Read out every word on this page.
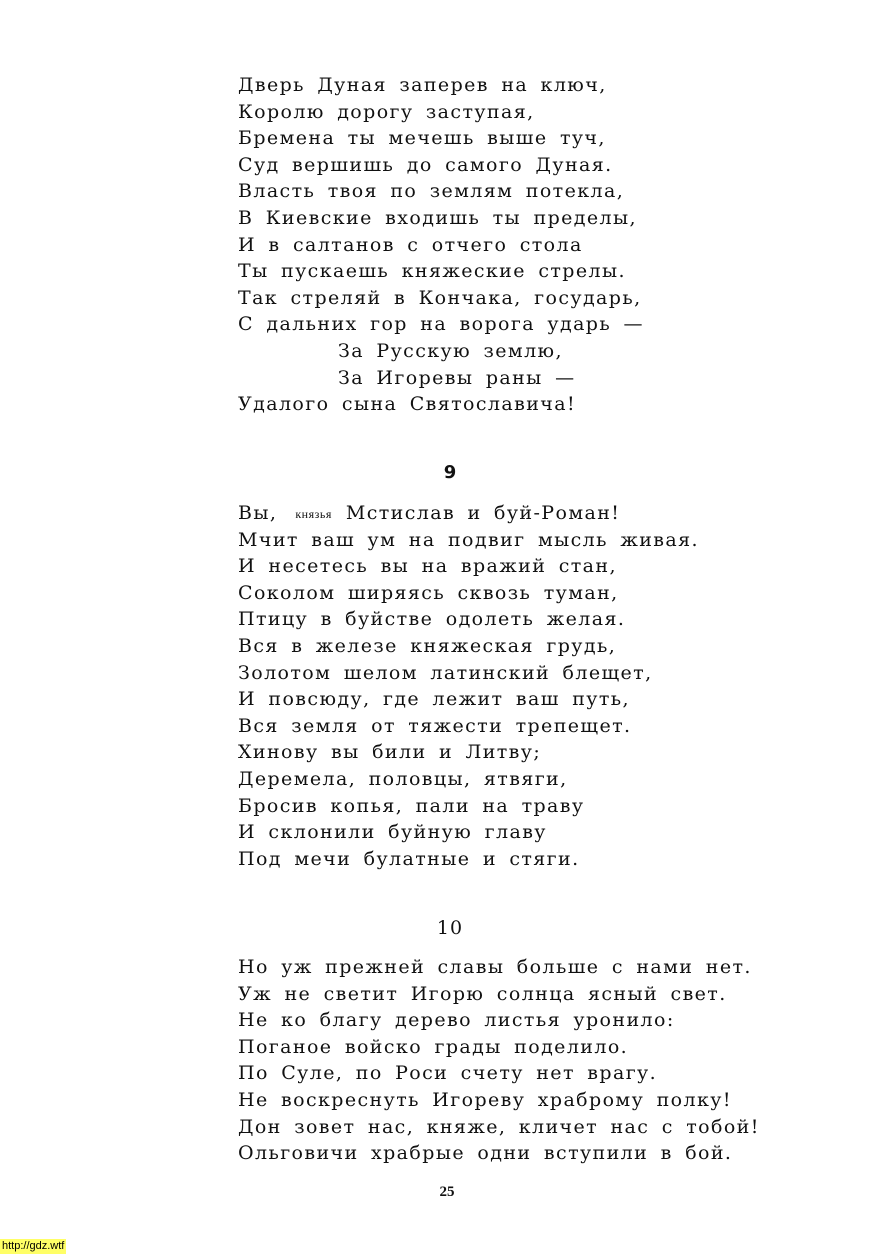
Дверь Дуная заперев на ключ,
Королю дорогу заступая,
Бремена ты мечешь выше туч,
Суд вершишь до самого Дуная.
Власть твоя по землям потекла,
В Киевские входишь ты пределы,
И в салтанов с отчего стола
Ты пускаешь княжеские стрелы.
Так стреляй в Кончака, государь,
С дальних гор на ворога ударь —
За Русскую землю,
За Игоревы раны —
Удалого сына Святославича!
9
Вы, князья Мстислав и буй-Роман!
Мчит ваш ум на подвиг мысль живая.
И несетесь вы на вражий стан,
Соколом ширяясь сквозь туман,
Птицу в буйстве одолеть желая.
Вся в железе княжеская грудь,
Золотом шелом латинский блещет,
И повсюду, где лежит ваш путь,
Вся земля от тяжести трепещет.
Хинову вы били и Литву;
Деремела, половцы, ятвяги,
Бросив копья, пали на траву
И склонили буйную главу
Под мечи булатные и стяги.
10
Но уж прежней славы больше с нами нет.
Уж не светит Игорю солнца ясный свет.
Не ко благу дерево листья уронило:
Поганое войско грады поделило.
По Суле, по Роси счету нет врагу.
Не воскреснуть Игореву храброму полку!
Дон зовет нас, княже, кличет нас с тобой!
Ольговичи храбрые одни вступили в бой.
25
http://gdz.wtf
